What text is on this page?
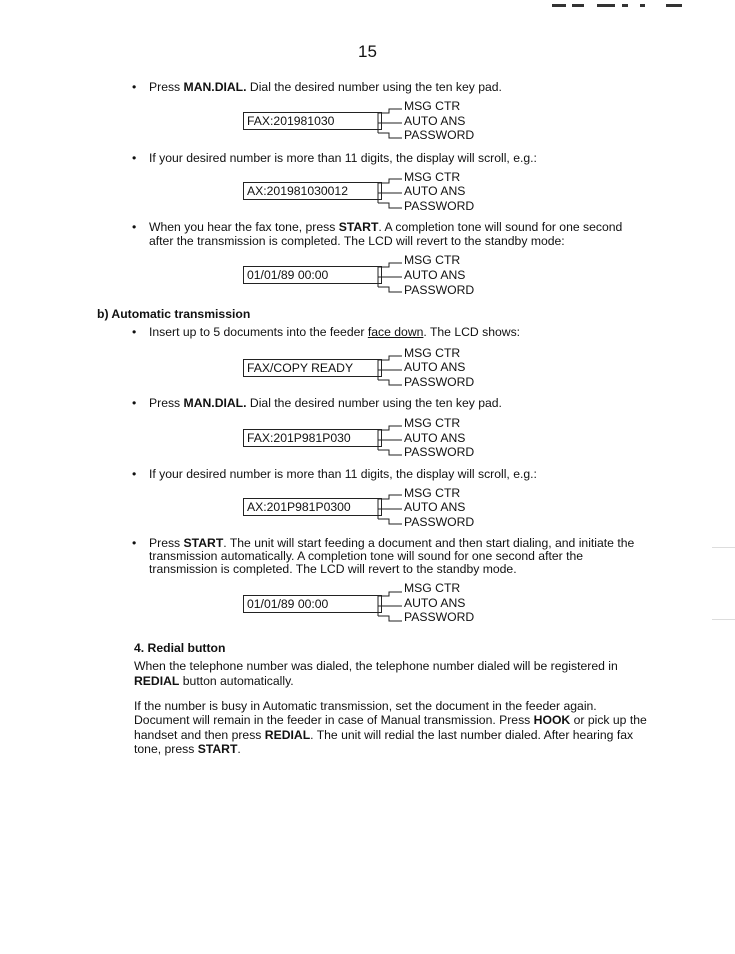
15
• Press MAN.DIAL. Dial the desired number using the ten key pad.
FAX:201981030
MSG CTR
AUTO ANS
PASSWORD
• If your desired number is more than 11 digits, the display will scroll, e.g.:
AX:201981030012
MSG CTR
AUTO ANS
PASSWORD
• When you hear the fax tone, press START. A completion tone will sound for one second
after the transmission is completed. The LCD will revert to the standby mode:
01/01/89 00:00
MSG CTR
AUTO ANS
PASSWORD
b) Automatic transmission
• Insert up to 5 documents into the feeder face down. The LCD shows:
FAX/COPY READY
MSG CTR
AUTO ANS
PASSWORD
• Press MAN.DIAL. Dial the desired number using the ten key pad.
FAX:201P981P030
MSG CTR
AUTO ANS
PASSWORD
• If your desired number is more than 11 digits, the display will scroll, e.g.:
AX:201P981P0300
MSG CTR
AUTO ANS
PASSWORD
• Press START. The unit will start feeding a document and then start dialing, and initiate the
transmission automatically. A completion tone will sound for one second after the
transmission is completed. The LCD will revert to the standby mode.
01/01/89 00:00
MSG CTR
AUTO ANS
PASSWORD
4. Redial button
When the telephone number was dialed, the telephone number dialed will be registered in
REDIAL button automatically.
If the number is busy in Automatic transmission, set the document in the feeder again.
Document will remain in the feeder in case of Manual transmission. Press HOOK or pick up the
handset and then press REDIAL. The unit will redial the last number dialed. After hearing fax
tone, press START.
